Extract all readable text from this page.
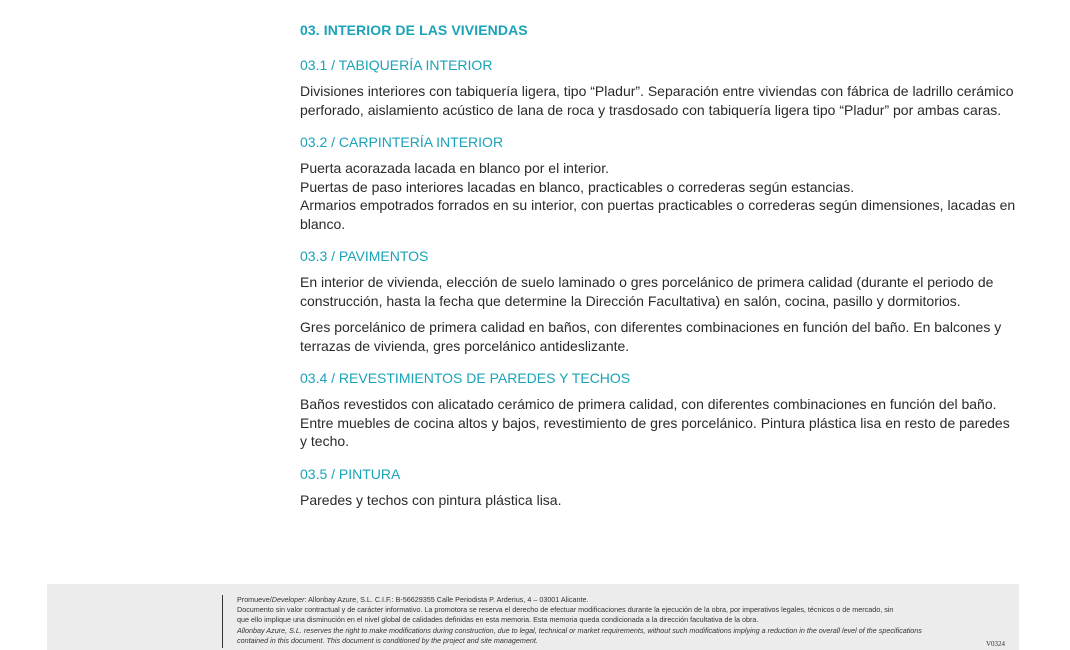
03. INTERIOR DE LAS VIVIENDAS
03.1 / TABIQUERÍA INTERIOR
Divisiones interiores con tabiquería ligera, tipo “Pladur”. Separación entre viviendas con fábrica de ladrillo cerámico
perforado, aislamiento acústico de lana de roca y trasdosado con tabiquería ligera tipo “Pladur” por ambas caras.
03.2 / CARPINTERÍA INTERIOR
Puerta acorazada lacada en blanco por el interior.
Puertas de paso interiores lacadas en blanco, practicables o correderas según estancias.
Armarios empotrados forrados en su interior, con puertas practicables o correderas según dimensiones, lacadas en
blanco.
03.3 / PAVIMENTOS
En interior de vivienda, elección de suelo laminado o gres porcelánico de primera calidad (durante el periodo de
construcción, hasta la fecha que determine la Dirección Facultativa) en salón, cocina, pasillo y dormitorios.
Gres porcelánico de primera calidad en baños, con diferentes combinaciones en función del baño. En balcones y
terrazas de vivienda, gres porcelánico antideslizante.
03.4 / REVESTIMIENTOS DE PAREDES Y TECHOS
Baños revestidos con alicatado cerámico de primera calidad, con diferentes combinaciones en función del baño.
Entre muebles de cocina altos y bajos, revestimiento de gres porcelánico. Pintura plástica lisa en resto de paredes
y techo.
03.5 / PINTURA
Paredes y techos con pintura plástica lisa.
Promueve/Developer: Allonbay Azure, S.L. C.I.F.: B-56629355 Calle Periodista P. Arderius, 4 – 03001 Alicante.
Documento sin valor contractual y de carácter informativo. La promotora se reserva el derecho de efectuar modificaciones durante la ejecución de la obra, por imperativos legales, técnicos o de mercado, sin
que ello implique una disminución en el nivel global de calidades definidas en esta memoria. Esta memoria queda condicionada a la dirección facultativa de la obra.
Allonbay Azure, S.L. reserves the right to make modifications during construction, due to legal, technical or market requirements, without such modifications implying a reduction in the overall level of the specifications
contained in this document. This document is conditioned by the project and site management.	V0324
